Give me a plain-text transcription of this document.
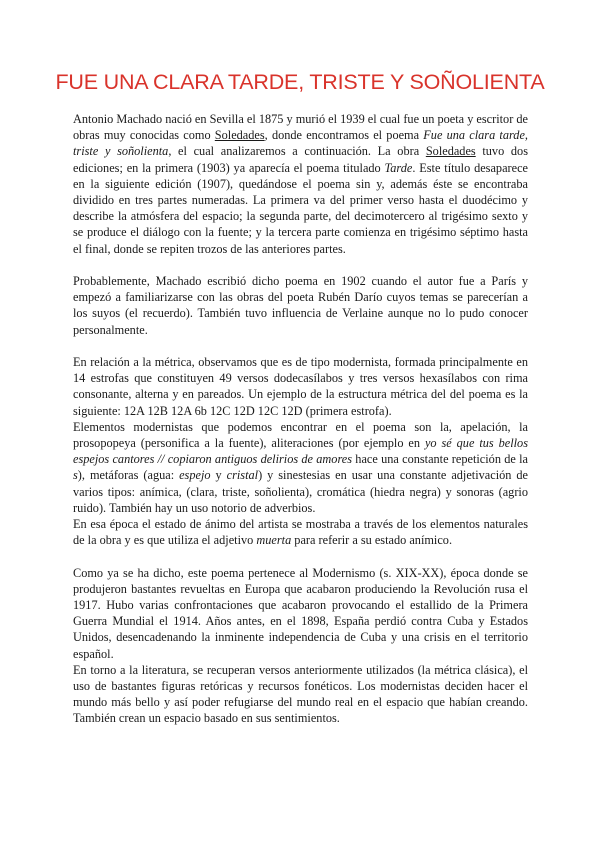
FUE UNA CLARA TARDE, TRISTE Y SOÑOLIENTA

Antonio Machado nació en Sevilla el 1875 y murió el 1939 el cual fue un poeta y escritor de obras muy conocidas como Soledades, donde encontramos el poema Fue una clara tarde, triste y soñolienta, el cual analizaremos a continuación. La obra Soledades tuvo dos ediciones; en la primera (1903) ya aparecía el poema titulado Tarde. Este título desaparece en la siguiente edición (1907), quedándose el poema sin y, además éste se encontraba dividido en tres partes numeradas. La primera va del primer verso hasta el duodécimo y describe la atmósfera del espacio; la segunda parte, del decimotercero al trigésimo sexto y se produce el diálogo con la fuente; y la tercera parte comienza en trigésimo séptimo hasta el final, donde se repiten trozos de las anteriores partes.

Probablemente, Machado escribió dicho poema en 1902 cuando el autor fue a París y empezó a familiarizarse con las obras del poeta Rubén Darío cuyos temas se parecerían a los suyos (el recuerdo). También tuvo influencia de Verlaine aunque no lo pudo conocer personalmente.

En relación a la métrica, observamos que es de tipo modernista, formada principalmente en 14 estrofas que constituyen 49 versos dodecasílabos y tres versos hexasílabos con rima consonante, alterna y en pareados. Un ejemplo de la estructura métrica del del poema es la siguiente: 12A 12B 12A 6b 12C 12D 12C 12D (primera estrofa).

Elementos modernistas que podemos encontrar en el poema son la, apelación, la prosopopeya (personifica a la fuente), aliteraciones (por ejemplo en yo sé que tus bellos espejos cantores // copiaron antiguos delirios de amores hace una constante repetición de la s), metáforas (agua: espejo y cristal) y sinestesias en usar una constante adjetivación de varios tipos: anímica, (clara, triste, soñolienta), cromática (hiedra negra) y sonoras (agrio ruido). También hay un uso notorio de adverbios.

En esa época el estado de ánimo del artista se mostraba a través de los elementos naturales de la obra y es que utiliza el adjetivo muerta para referir a su estado anímico.

Como ya se ha dicho, este poema pertenece al Modernismo (s. XIX-XX), época donde se produjeron bastantes revueltas en Europa que acabaron produciendo la Revolución rusa el 1917. Hubo varias confrontaciones que acabaron provocando el estallido de la Primera Guerra Mundial el 1914. Años antes, en el 1898, España perdió contra Cuba y Estados Unidos, desencadenando la inminente independencia de Cuba y una crisis en el territorio español.

En torno a la literatura, se recuperan versos anteriormente utilizados (la métrica clásica), el uso de bastantes figuras retóricas y recursos fonéticos. Los modernistas deciden hacer el mundo más bello y así poder refugiarse del mundo real en el espacio que habían creando. También crean un espacio basado en sus sentimientos.
